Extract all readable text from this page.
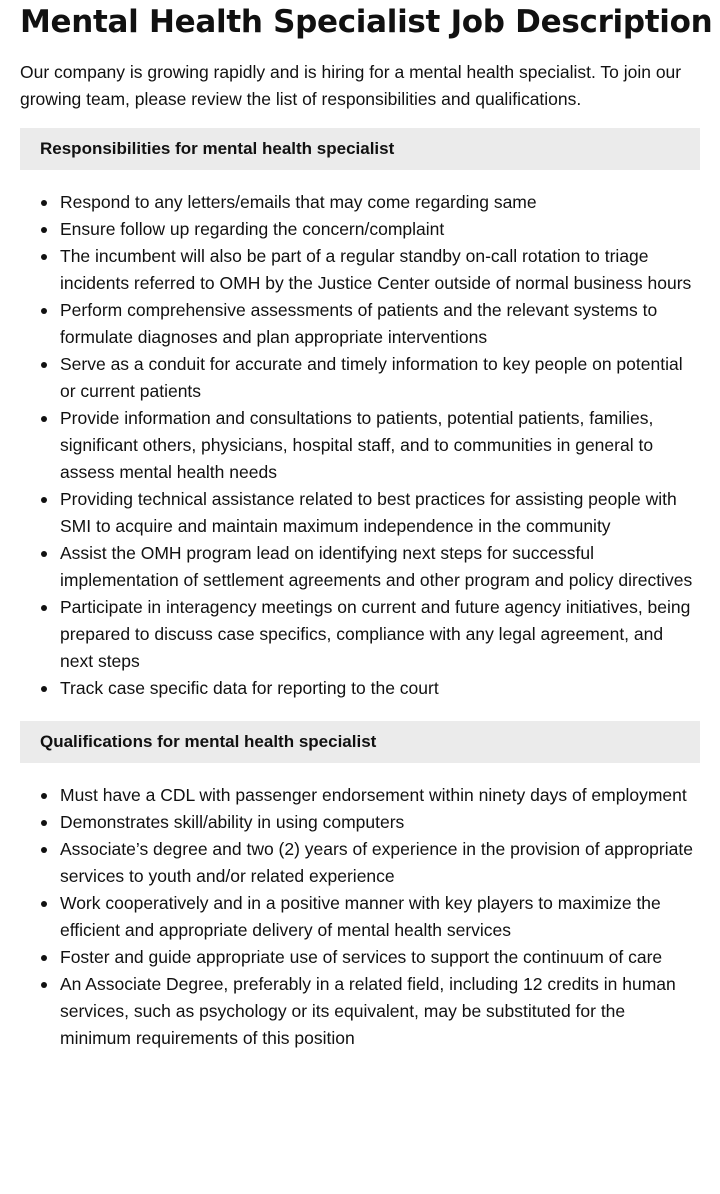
Mental Health Specialist Job Description

Our company is growing rapidly and is hiring for a mental health specialist. To join our growing team, please review the list of responsibilities and qualifications.

Responsibilities for mental health specialist
Respond to any letters/emails that may come regarding same
Ensure follow up regarding the concern/complaint
The incumbent will also be part of a regular standby on-call rotation to triage incidents referred to OMH by the Justice Center outside of normal business hours
Perform comprehensive assessments of patients and the relevant systems to formulate diagnoses and plan appropriate interventions
Serve as a conduit for accurate and timely information to key people on potential or current patients
Provide information and consultations to patients, potential patients, families, significant others, physicians, hospital staff, and to communities in general to assess mental health needs
Providing technical assistance related to best practices for assisting people with SMI to acquire and maintain maximum independence in the community
Assist the OMH program lead on identifying next steps for successful implementation of settlement agreements and other program and policy directives
Participate in interagency meetings on current and future agency initiatives, being prepared to discuss case specifics, compliance with any legal agreement, and next steps
Track case specific data for reporting to the court
Qualifications for mental health specialist
Must have a CDL with passenger endorsement within ninety days of employment
Demonstrates skill/ability in using computers
Associate’s degree and two (2) years of experience in the provision of appropriate services to youth and/or related experience
Work cooperatively and in a positive manner with key players to maximize the efficient and appropriate delivery of mental health services
Foster and guide appropriate use of services to support the continuum of care
An Associate Degree, preferably in a related field, including 12 credits in human services, such as psychology or its equivalent, may be substituted for the minimum requirements of this position
